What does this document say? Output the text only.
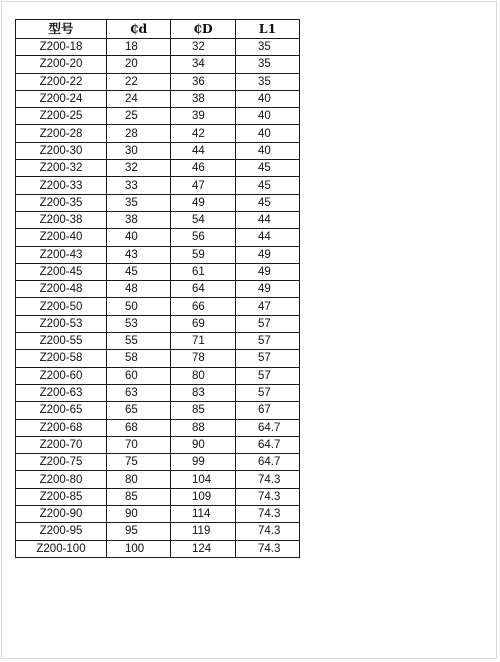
型号	₵d	₵D	L1
Z200-18	18	32	35
Z200-20	20	34	35
Z200-22	22	36	35
Z200-24	24	38	40
Z200-25	25	39	40
Z200-28	28	42	40
Z200-30	30	44	40
Z200-32	32	46	45
Z200-33	33	47	45
Z200-35	35	49	45
Z200-38	38	54	44
Z200-40	40	56	44
Z200-43	43	59	49
Z200-45	45	61	49
Z200-48	48	64	49
Z200-50	50	66	47
Z200-53	53	69	57
Z200-55	55	71	57
Z200-58	58	78	57
Z200-60	60	80	57
Z200-63	63	83	57
Z200-65	65	85	67
Z200-68	68	88	64.7
Z200-70	70	90	64.7
Z200-75	75	99	64.7
Z200-80	80	104	74.3
Z200-85	85	109	74.3
Z200-90	90	114	74.3
Z200-95	95	119	74.3
Z200-100	100	124	74.3
